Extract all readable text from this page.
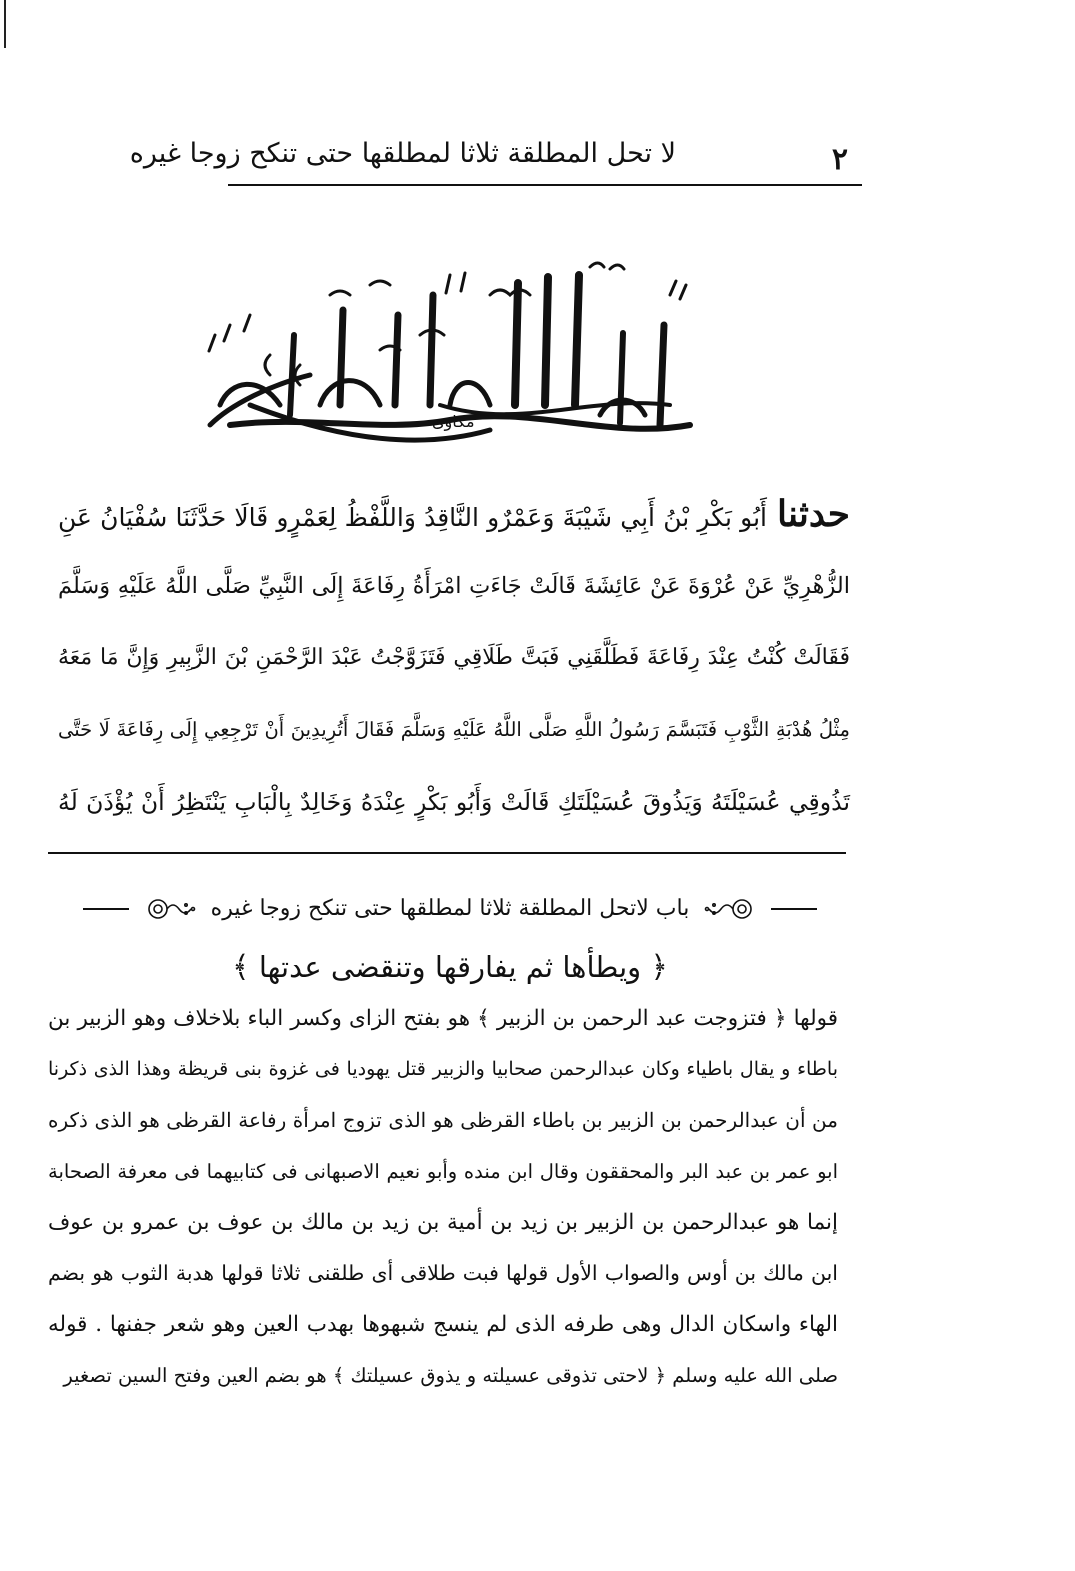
٢
لا تحل المطلقة ثلاثا لمطلقها حتى تنكح زوجا غيره
مكاوى
حدثناأَبُو بَكْرِ بْنُ أَبِي شَيْبَةَ وَعَمْرٌو النَّاقِدُ وَاللَّفْظُ لِعَمْرٍو قَالَا حَدَّثَنَا سُفْيَانُ عَنِ
الزُّهْرِيِّ عَنْ عُرْوَةَ عَنْ عَائِشَةَ قَالَتْ جَاءَتِ امْرَأَةُ رِفَاعَةَ إِلَى النَّبِيِّ صَلَّى اللَّهُ عَلَيْهِ وَسَلَّمَ
فَقَالَتْ كُنْتُ عِنْدَ رِفَاعَةَ فَطَلَّقَنِي فَبَتَّ طَلَاقِي فَتَزَوَّجْتُ عَبْدَ الرَّحْمَنِ بْنَ الزَّبِيرِ وَإِنَّ مَا مَعَهُ
مِثْلُ هُدْبَةِ الثَّوْبِ فَتَبَسَّمَ رَسُولُ اللَّهِ صَلَّى اللَّهُ عَلَيْهِ وَسَلَّمَ فَقَالَ أَتُرِيدِينَ أَنْ تَرْجِعِي إِلَى رِفَاعَةَ لَا حَتَّى
تَذُوقِي عُسَيْلَتَهُ وَيَذُوقَ عُسَيْلَتَكِ قَالَتْ وَأَبُو بَكْرٍ عِنْدَهُ وَخَالِدٌ بِالْبَابِ يَنْتَظِرُ أَنْ يُؤْذَنَ لَهُ
باب لاتحل المطلقة ثلاثا لمطلقها حتى تنكح زوجا غيره
﴿ ويطأها ثم يفارقها وتنقضى عدتها ﴾
قولها ﴿ فتزوجت عبد الرحمن بن الزبير ﴾ هو بفتح الزاى وكسر الباء بلاخلاف وهو الزبير بن
باطاء و يقال باطياء وكان عبدالرحمن صحابيا والزبير قتل يهوديا فى غزوة بنى قريظة وهذا الذى ذكرنا
من أن عبدالرحمن بن الزبير بن باطاء القرظى هو الذى تزوج امرأة رفاعة القرظى هو الذى ذكره
ابو عمر بن عبد البر والمحققون وقال ابن منده وأبو نعيم الاصبهانى فى كتابيهما فى معرفة الصحابة
إنما هو عبدالرحمن بن الزبير بن زيد بن أمية بن زيد بن مالك بن عوف بن عمرو بن عوف
ابن مالك بن أوس والصواب الأول قولها فبت طلاقى أى طلقنى ثلاثا قولها هدبة الثوب هو بضم
الهاء واسكان الدال وهى طرفه الذى لم ينسج شبهوها بهدب العين وهو شعر جفنها . قوله
صلى الله عليه وسلم ﴿ لاحتى تذوقى عسيلته و يذوق عسيلتك ﴾ هو بضم العين وفتح السين تصغير
